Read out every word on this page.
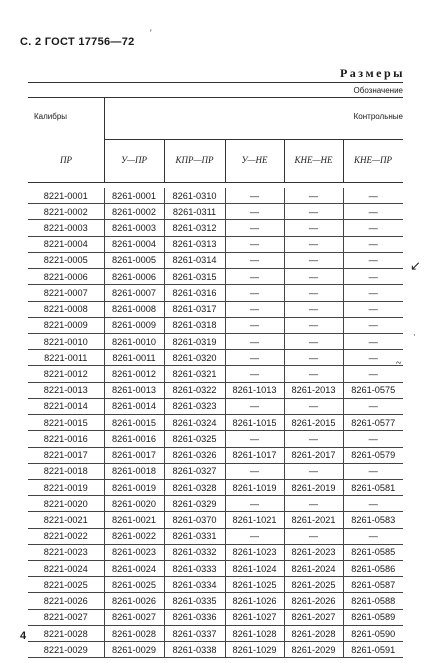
С. 2 ГОСТ 17756—72
Размеры
Обозначение
Калибры	Контрольные
ПР	У—ПР	КПР—ПР	У—НЕ	КНЕ—НЕ	КНЕ—ПР
8221-0001	8261-0001	8261-0310	—	—	—
8221-0002	8261-0002	8261-0311	—	—	—
8221-0003	8261-0003	8261-0312	—	—	—
8221-0004	8261-0004	8261-0313	—	—	—
8221-0005	8261-0005	8261-0314	—	—	—
8221-0006	8261-0006	8261-0315	—	—	—
8221-0007	8261-0007	8261-0316	—	—	—
8221-0008	8261-0008	8261-0317	—	—	—
8221-0009	8261-0009	8261-0318	—	—	—
8221-0010	8261-0010	8261-0319	—	—	—
8221-0011	8261-0011	8261-0320	—	—	—
8221-0012	8261-0012	8261-0321	—	—	—
8221-0013	8261-0013	8261-0322	8261-1013	8261-2013	8261-0575
8221-0014	8261-0014	8261-0323	—	—	—
8221-0015	8261-0015	8261-0324	8261-1015	8261-2015	8261-0577
8221-0016	8261-0016	8261-0325	—	—	—
8221-0017	8261-0017	8261-0326	8261-1017	8261-2017	8261-0579
8221-0018	8261-0018	8261-0327	—	—	—
8221-0019	8261-0019	8261-0328	8261-1019	8261-2019	8261-0581
8221-0020	8261-0020	8261-0329	—	—	—
8221-0021	8261-0021	8261-0370	8261-1021	8261-2021	8261-0583
8221-0022	8261-0022	8261-0331	—	—	—
8221-0023	8261-0023	8261-0332	8261-1023	8261-2023	8261-0585
8221-0024	8261-0024	8261-0333	8261-1024	8261-2024	8261-0586
8221-0025	8261-0025	8261-0334	8261-1025	8261-2025	8261-0587
8221-0026	8261-0026	8261-0335	8261-1026	8261-2026	8261-0588
8221-0027	8261-0027	8261-0336	8261-1027	8261-2027	8261-0589
8221-0028	8261-0028	8261-0337	8261-1028	8261-2028	8261-0590
8221-0029	8261-0029	8261-0338	8261-1029	8261-2029	8261-0591
4
'
↙
·
~
